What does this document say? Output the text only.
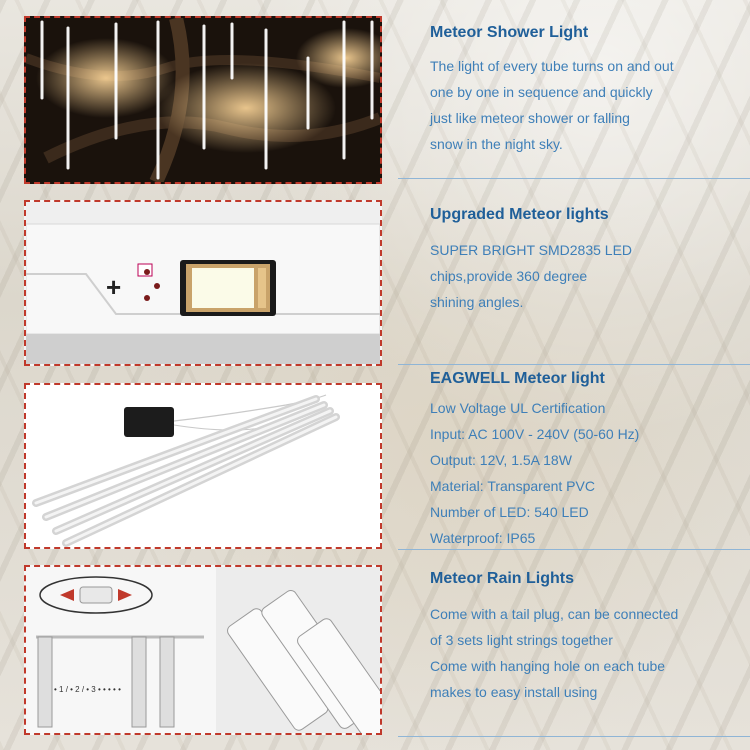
+
• 1 / • 2 / • 3 • • • • •
Meteor Shower Light
The light of every tube turns on and out
one by one in sequence and quickly
just like meteor shower or falling
snow in the night sky.
Upgraded Meteor lights
SUPER BRIGHT SMD2835 LED
chips,provide 360 degree
shining angles.
EAGWELL Meteor light
Low Voltage UL Certification
Input: AC 100V - 240V (50-60 Hz)
Output: 12V, 1.5A 18W
Material: Transparent PVC
Number of LED: 540 LED
Waterproof: IP65
Meteor Rain Lights
Come with a tail plug, can be connected
of 3 sets light strings together
Come with hanging hole on each tube
makes to easy install using
